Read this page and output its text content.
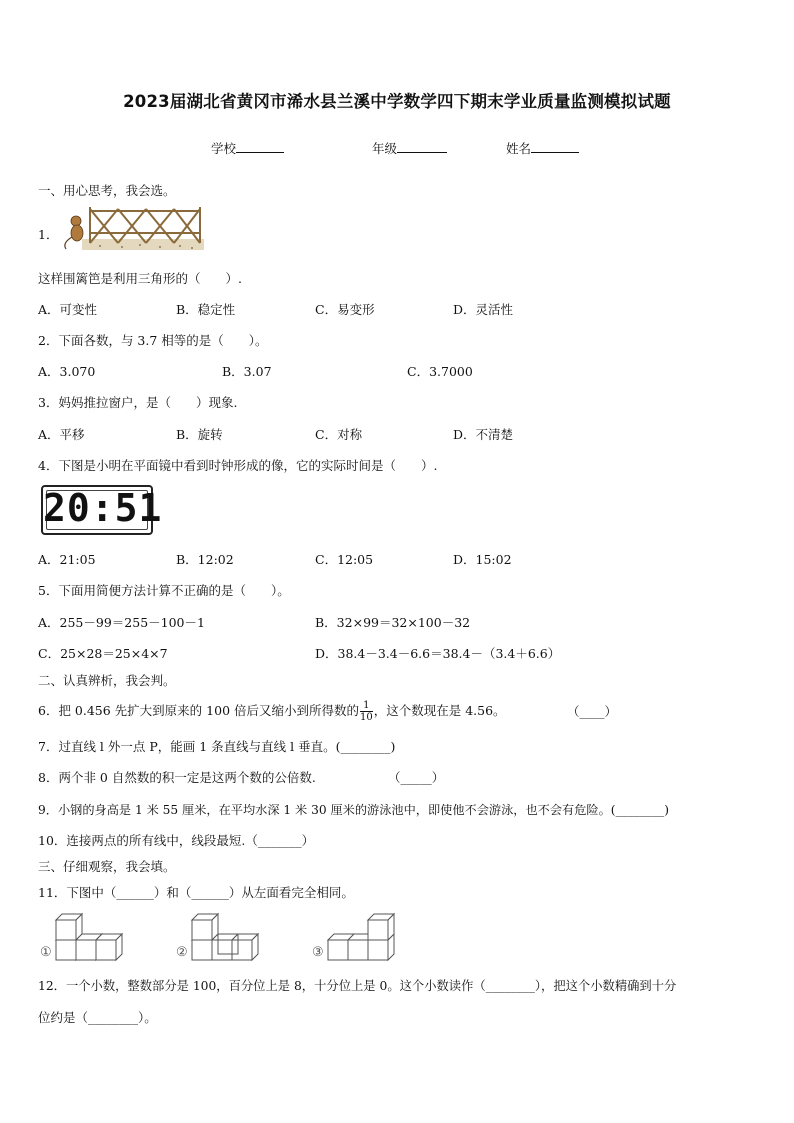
2023届湖北省黄冈市浠水县兰溪中学数学四下期末学业质量监测模拟试题
学校	年级	姓名
一、用心思考，我会选。
1．
这样围篱笆是利用三角形的（　　）.
A．可变性	B．稳定性	C．易变形	D．灵活性
2．下面各数，与 3.7 相等的是（　　）。
A．3.070	B．3.07	C．3.7000
3．妈妈推拉窗户，是（　　）现象.
A．平移	B．旋转	C．对称	D．不清楚
4．下图是小明在平面镜中看到时钟形成的像，它的实际时间是（　　）.
20:51
A．21:05	B．12:02	C．12:05	D．15:02
5．下面用简便方法计算不正确的是（　　）。
A．255－99＝255－100－1	B．32×99＝32×100－32
C．25×28＝25×4×7	D．38.4－3.4－6.6＝38.4－（3.4＋6.6）
二、认真辨析，我会判。
6．把 0.456 先扩大到原来的 100 倍后又缩小到所得数的 $\frac{1}{10}$ ，这个数现在是 4.56。	（____）
7．过直线 l 外一点 P，能画 1 条直线与直线 l 垂直。(________)
8．两个非 0 自然数的积一定是这两个数的公倍数.	（_____）
9．小钢的身高是 1 米 55 厘米，在平均水深 1 米 30 厘米的游泳池中，即使他不会游泳，也不会有危险。(________)
10．连接两点的所有线中，线段最短.（_______）
三、仔细观察，我会填。
11．下图中（______）和（______）从左面看完全相同。
①	②	③
12．一个小数，整数部分是 100，百分位上是 8，十分位上是 0。这个小数读作（________），把这个小数精确到十分
位约是（________）。
